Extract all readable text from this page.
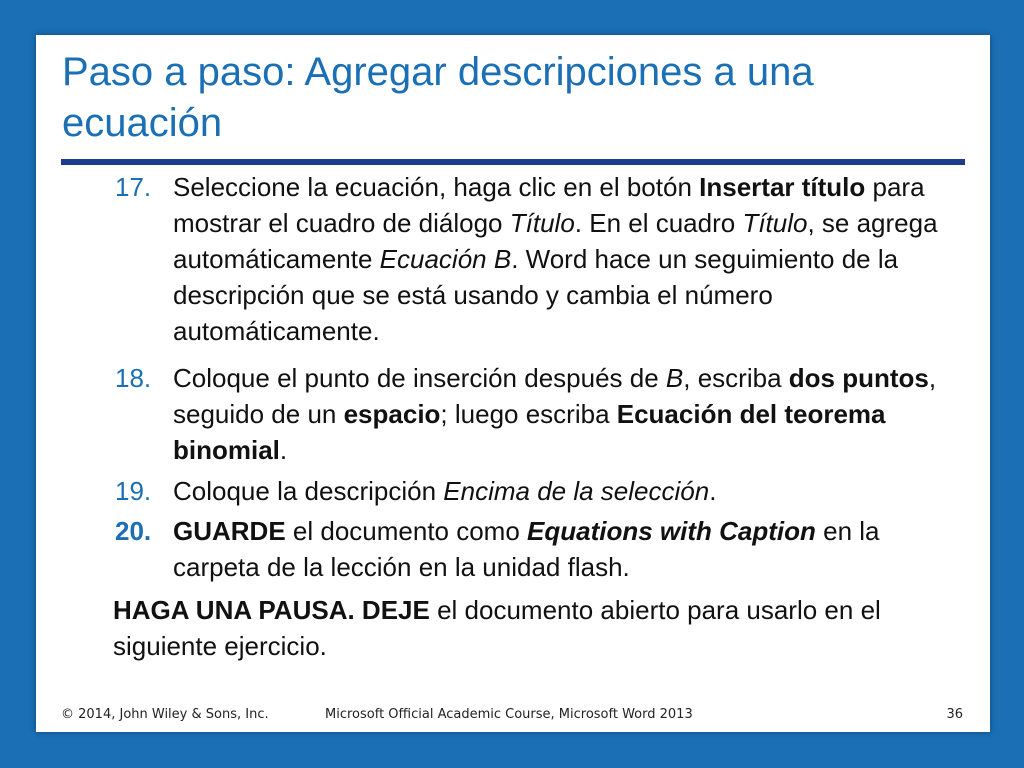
Paso a paso: Agregar descripciones a una ecuación
17. Seleccione la ecuación, haga clic en el botón Insertar título para mostrar el cuadro de diálogo Título. En el cuadro Título, se agrega automáticamente Ecuación B. Word hace un seguimiento de la descripción que se está usando y cambia el número automáticamente.
18. Coloque el punto de inserción después de B, escriba dos puntos, seguido de un espacio; luego escriba Ecuación del teorema binomial.
19. Coloque la descripción Encima de la selección.
20. GUARDE el documento como Equations with Caption en la carpeta de la lección en la unidad flash.
HAGA UNA PAUSA. DEJE el documento abierto para usarlo en el siguiente ejercicio.
© 2014, John Wiley & Sons, Inc.	Microsoft Official Academic Course, Microsoft Word 2013	36
